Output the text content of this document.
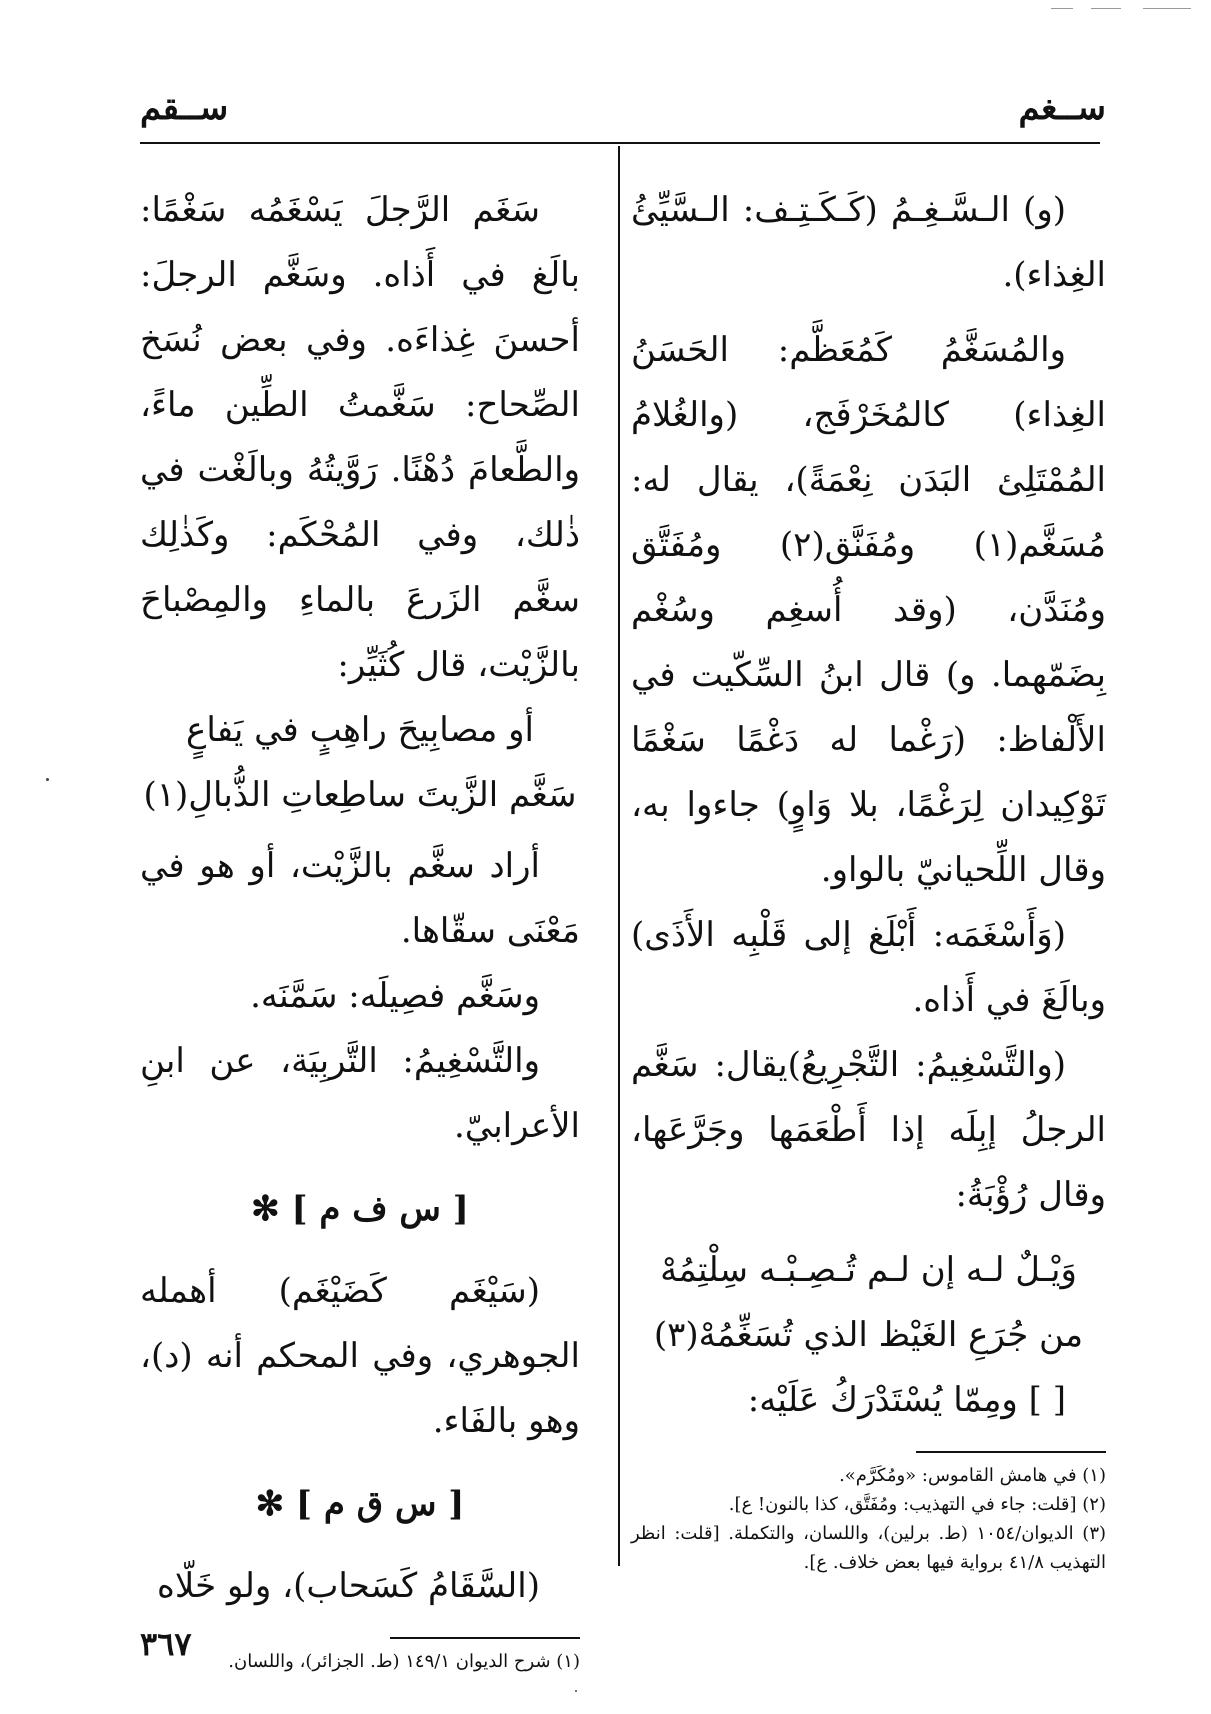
ســغم
ســقم

(و) الـسَّـغِـمُ (كَـكَـتِـف: الـسَّيِّئُ الغِذاء).

والمُسَغَّمُ كَمُعَظَّم: الحَسَنُ الغِذاء) كالمُخَرْفَج، (والغُلامُ المُمْتَلِئ البَدَن نِعْمَةً)، يقال له: مُسَغَّم(١) ومُفَنَّق(٢) ومُفَتَّق ومُنَدَّن، (وقد أُسغِم وسُغْم بِضَمّهما. و) قال ابنُ السِّكّيت في الأَلْفاظ: (رَغْما له دَغْمًا سَغْمًا تَوْكِيدان لِرَغْمًا، بلا وَاوٍ) جاءوا به، وقال اللِّحيانيّ بالواو.

(وَأَسْغَمَه: أَبْلَغ إلى قَلْبِه الأَذَى) وبالَغَ في أَذاه.

(والتَّسْغِيمُ: التَّجْرِيعُ)يقال: سَغَّم الرجلُ إبِلَه إذا أَطْعَمَها وجَرَّعَها، وقال رُؤْبَةُ:

وَيْـلٌ لـه إن لـم تُـصِـبْـه سِلْتِمُهْ

من جُرَعِ الغَيْظ الذي تُسَغِّمُهْ(٣)

[ ] ومِمّا يُسْتَدْرَكُ عَلَيْه:

(١) في هامش القاموس: «ومُكَرَّم».
(٢) [قلت: جاء في التهذيب: ومُفَتَّق، كذا بالنون! ع].
(٣) الديوان/١٠٥٤ (ط. برلين)، واللسان، والتكملة. [قلت: انظر التهذيب ٤١/٨ برواية فيها بعض خلاف. ع].

سَغَم الرَّجلَ يَسْغَمُه سَغْمًا: بالَغ في أَذاه. وسَغَّم الرجلَ: أحسنَ غِذاءَه. وفي بعض نُسَخ الصِّحاح: سَغَّمتُ الطِّين ماءً، والطَّعامَ دُهْنًا. رَوَّيتُهُ وبالَغْت في ذٰلك، وفي المُحْكَم: وكَذٰلِك سغَّم الزَرعَ بالماءِ والمِصْباحَ بالزَّيْت، قال كُثَيِّر:

أو مصابِيحَ راهِبٍ في يَفاعٍ

سَغَّم الزَّيتَ ساطِعاتِ الذُّبالِ(١)

أراد سغَّم بالزَّيْت، أو هو في مَعْنَى سقّاها.

وسَغَّم فصِيلَه: سَمَّنَه.

والتَّسْغِيمُ: التَّربِيَة، عن ابنِ الأعرابيّ.

[ س ف م ] ✻

(سَيْغَم كَضَيْغَم) أهمله الجوهري، وفي المحكم أنه (د)، وهو بالفَاء.

[ س ق م ] ✻

(السَّقَامُ كَسَحاب)، ولو خَلّاه

(١) شرح الديوان ١٤٩/١ (ط. الجزائر)، واللسان.
٣٦٧
